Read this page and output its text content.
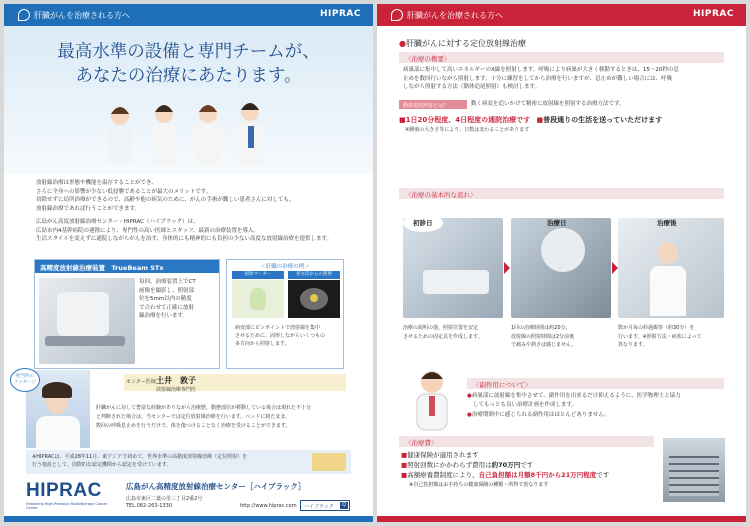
肝臓がんを治療される方へ	HIPRAC
最高水準の設備と専門チームが、
あなたの治療にあたります。
放射線治療は形態や機能を温存することができ、
さらに全身への影響が少ない低侵襲であることが最大のメリットです。
切除せずに局所治療ができるので、高齢や他の病気のために、がんの手術が難しい患者さんに対しても、
放射線治療であれば行うことができます。
広島がん高度放射線治療センター・HIPRAC（ハイプラック）は、
広島市内4基幹病院の連携により、専門性の高い医師とスタッフ、最新の治療装置を導入。
生活スタイルを変えずに通院しながらがんを治す、身体的にも精神的にも負担の少ない高度な放射線治療を提供します。
高精度放射線治療装置　TrueBeam STx
毎回、治療装置上でCT
画像を撮影し、照射部
位を5mm以内の精度
で合わせて正確に放射
線治療を行います。
＜肝臓の治療の例＞
固体マーカー	多方向からの照射
病変部にピンポイントで放射線を集中
させるために、固形しながらいくつもの
多方向から照射します。
担当医の
メッセージ	センター医師 土井　敦子
放射線治療専門医
肝臓がんに対して豊富な経験がありながら治療歴、動態部位が移動している場合は現れた不十分
と判断された場合は、当センターでは定位放射線治療を行います。ベッドに寝たまま、
数回の呼吸息止めを行うだけで、体を傷つけることなく治療を受けることができます。
※HIPRACは、平成28年11月、東アジアで初めて、世界水準の高精度放射線治療（定位照射）を
行う施設として、国際的な認定機関から認定を受けています。
HIPRAC
Hiroshima High-Precision Radiotherapy Cancer Center
広島がん高精度放射線治療センター［ハイプラック］
広島市東区二葉の里三丁目2番2号
TEL.082-263-1330	http://www.hiprac.com	ハイプラック	Q
肝臓がんを治療される方へ	HIPRAC
●肝臓がんに対する定位放射線治療
〈治療の概要〉
病巣部に集中して高いエネルギーのX線を照射します。呼吸により病巣が大きく移動するときは、15〜20秒の息
止めを数回行いながら照射します。十分に練習をしてから治療を行いますが、息止めが難しい場合には、呼吸
しながら照射する方法（動体追尾照射）も検討します。
動体追尾照射とは？	動く病変を追いかけて精密に放射線を照射する治療方法です。
■1日20分程度、4日程度の通院治療です ■普段通りの生活を送っていただけます
※腫瘍の大きさ等により、日数は変わることがあります
〈治療の基本的な流れ〉
初診日	治療日	治療後
治療の説明の他、照射位置を安定
させるための固定具を作成します。
1回の治療時間は約20分。
放射線の照射時間は2分前後
で痛みや熱さは感じません。
数か月毎の経過観察（約30分）を
行います。※照射方法・病状によって
異なります。
〈副作用について〉
●病巣部に放射線を集中させて、副作用を出来るだけ抑えるように、医学物理士と協力
してもっとも良い治療計画を作成します。
●治療期間中に感じられる副作用はほとんどありません。
〈治療費〉
■健康保険が適用されます
■照射回数にかかわらず費用は約70万円です
■高額療養費制度により、自己負担額は月額8千円から21万円程度です
※自己負担額はお手持ちの健康保険の種類・所得で異なります
